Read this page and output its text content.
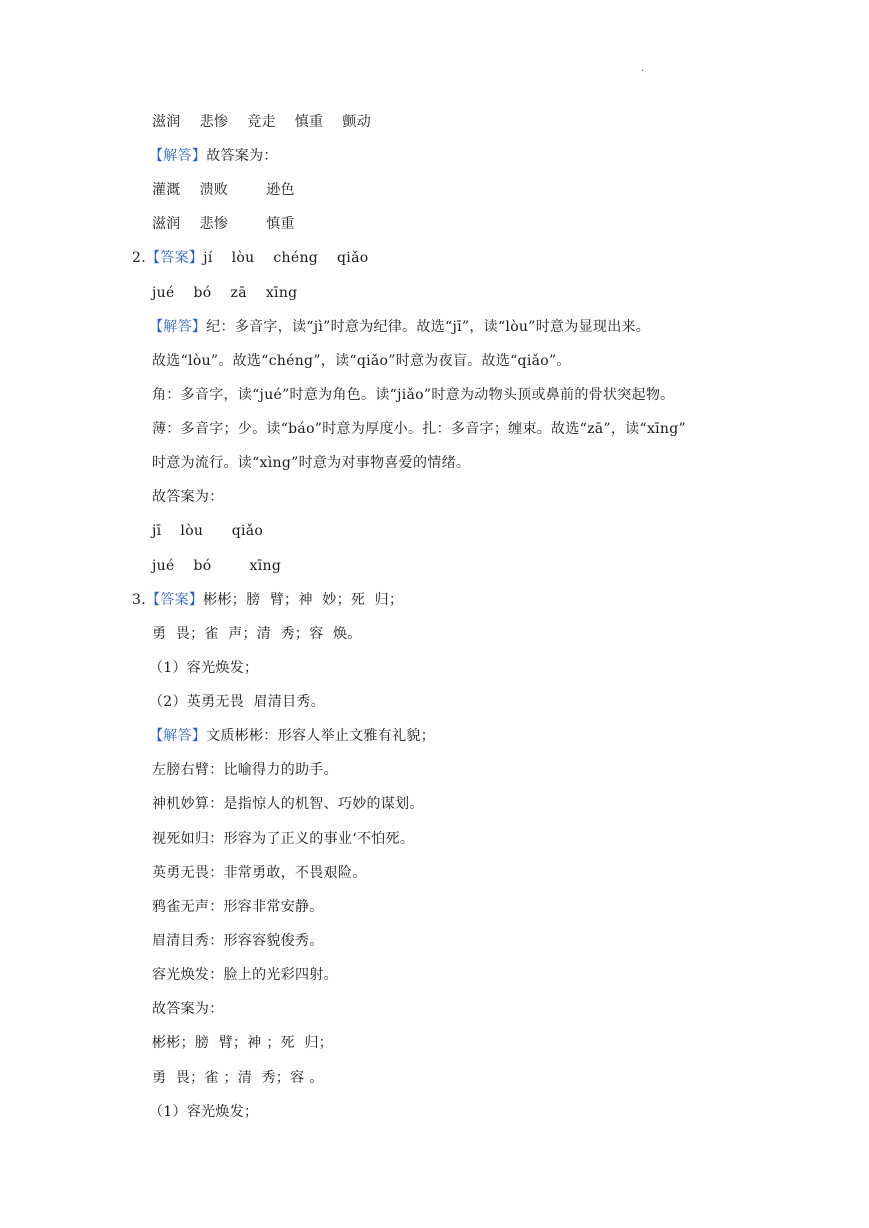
·
滋润    悲惨    竞走    慎重    颤动
【解答】故答案为：
灌溉    溃败        逊色
滋润    悲惨        慎重
2.【答案】jí    lòu    chéng    qiǎo
jué    bó    zā    xīng
【解答】纪：多音字，读“jì”时意为纪律。故选“jī”，读“lòu”时意为显现出来。
故选“lòu”。故选“chéng”，读“qiǎo”时意为夜盲。故选“qiǎo”。
角：多音字，读“jué”时意为角色。读“jiǎo”时意为动物头顶或鼻前的骨状突起物。
薄：多音字；少。读“báo”时意为厚度小。扎：多音字；缠束。故选“zā”，读“xīng”
时意为流行。读“xìng”时意为对事物喜爱的情绪。
故答案为：
jī    lòu      qiǎo
jué    bó        xīng
3.【答案】彬彬；膀  臂；神  妙；死  归；
勇  畏；雀  声；清  秀；容  焕。
（1）容光焕发；
（2）英勇无畏  眉清目秀。
【解答】文质彬彬：形容人举止文雅有礼貌；
左膀右臂：比喻得力的助手。
神机妙算：是指惊人的机智、巧妙的谋划。
视死如归：形容为了正义的事业‘不怕死。
英勇无畏：非常勇敢，不畏艰险。
鸦雀无声：形容非常安静。
眉清目秀：形容容貌俊秀。
容光焕发：脸上的光彩四射。
故答案为：
彬彬；膀  臂；神 ；死  归；
勇  畏；雀 ；清  秀；容 。
（1）容光焕发；
